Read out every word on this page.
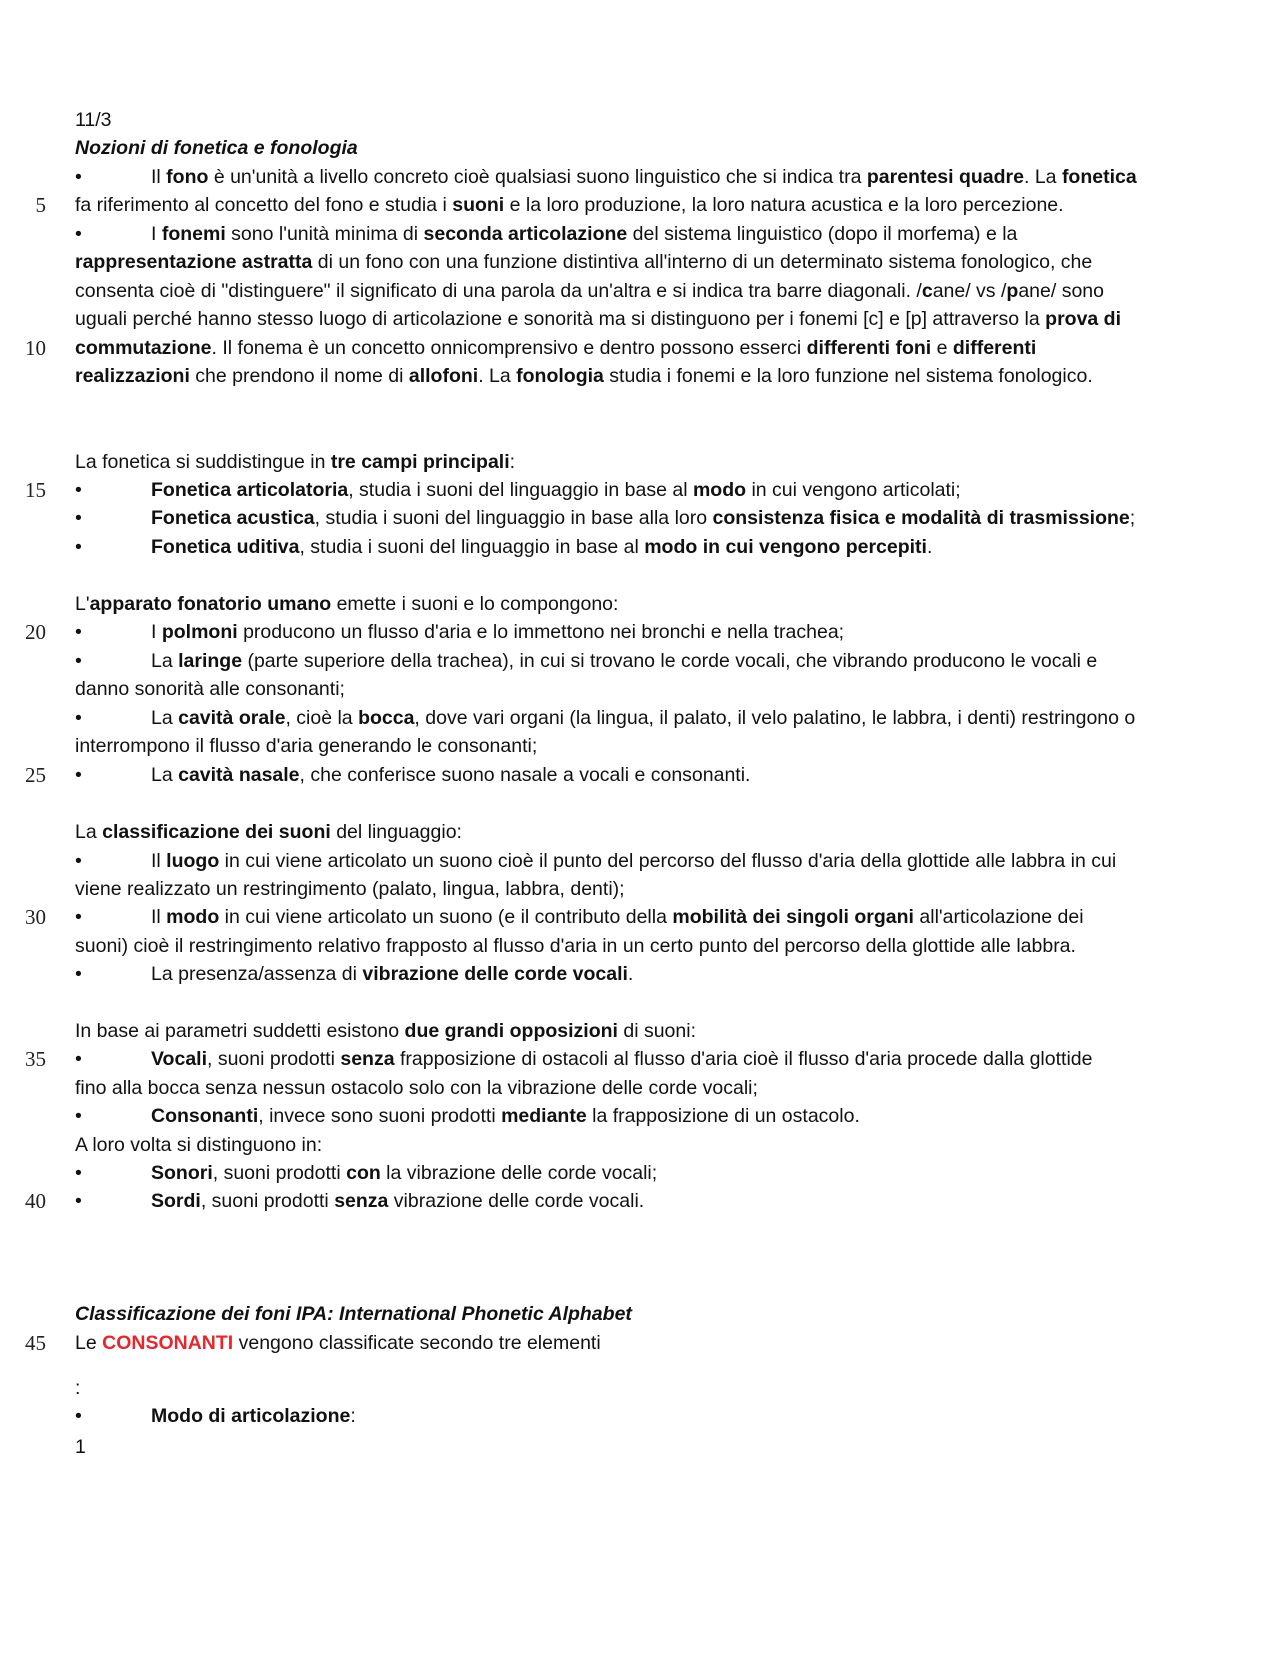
11/3
Nozioni di fonetica e fonologia
•	Il fono è un'unità a livello concreto cioè qualsiasi suono linguistico che si indica tra parentesi quadre. La fonetica
fa riferimento al concetto del fono e studia i suoni e la loro produzione, la loro natura acustica e la loro percezione.
•	I fonemi sono l'unità minima di seconda articolazione del sistema linguistico (dopo il morfema) e la
rappresentazione astratta di un fono con una funzione distintiva all'interno di un determinato sistema fonologico, che
consenta cioè di "distinguere" il significato di una parola da un'altra e si indica tra barre diagonali. /cane/ vs /pane/ sono
uguali perché hanno stesso luogo di articolazione e sonorità ma si distinguono per i fonemi [c] e [p] attraverso la prova di
commutazione. Il fonema è un concetto onnicomprensivo e dentro possono esserci differenti foni e differenti
realizzazioni che prendono il nome di allofoni. La fonologia studia i fonemi e la loro funzione nel sistema fonologico.
La fonetica si suddistingue in tre campi principali:
•	Fonetica articolatoria, studia i suoni del linguaggio in base al modo in cui vengono articolati;
•	Fonetica acustica, studia i suoni del linguaggio in base alla loro consistenza fisica e modalità di trasmissione;
•	Fonetica uditiva, studia i suoni del linguaggio in base al modo in cui vengono percepiti.
L'apparato fonatorio umano emette i suoni e lo compongono:
•	I polmoni producono un flusso d'aria e lo immettono nei bronchi e nella trachea;
•	La laringe (parte superiore della trachea), in cui si trovano le corde vocali, che vibrando producono le vocali e
danno sonorità alle consonanti;
•	La cavità orale, cioè la bocca, dove vari organi (la lingua, il palato, il velo palatino, le labbra, i denti) restringono o
interrompono il flusso d'aria generando le consonanti;
•	La cavità nasale, che conferisce suono nasale a vocali e consonanti.
La classificazione dei suoni del linguaggio:
•	Il luogo in cui viene articolato un suono cioè il punto del percorso del flusso d'aria della glottide alle labbra in cui
viene realizzato un restringimento (palato, lingua, labbra, denti);
•	Il modo in cui viene articolato un suono (e il contributo della mobilità dei singoli organi all'articolazione dei
suoni) cioè il restringimento relativo frapposto al flusso d'aria in un certo punto del percorso della glottide alle labbra.
•	La presenza/assenza di vibrazione delle corde vocali.
In base ai parametri suddetti esistono due grandi opposizioni di suoni:
•	Vocali, suoni prodotti senza frapposizione di ostacoli al flusso d'aria cioè il flusso d'aria procede dalla glottide
fino alla bocca senza nessun ostacolo solo con la vibrazione delle corde vocali;
•	Consonanti, invece sono suoni prodotti mediante la frapposizione di un ostacolo.
A loro volta si distinguono in:
•	Sonori, suoni prodotti con la vibrazione delle corde vocali;
•	Sordi, suoni prodotti senza vibrazione delle corde vocali.
Classificazione dei foni IPA: International Phonetic Alphabet
Le CONSONANTI vengono classificate secondo tre elementi
:
•	Modo di articolazione:
1
5
10
15
20
25
30
35
40
45
